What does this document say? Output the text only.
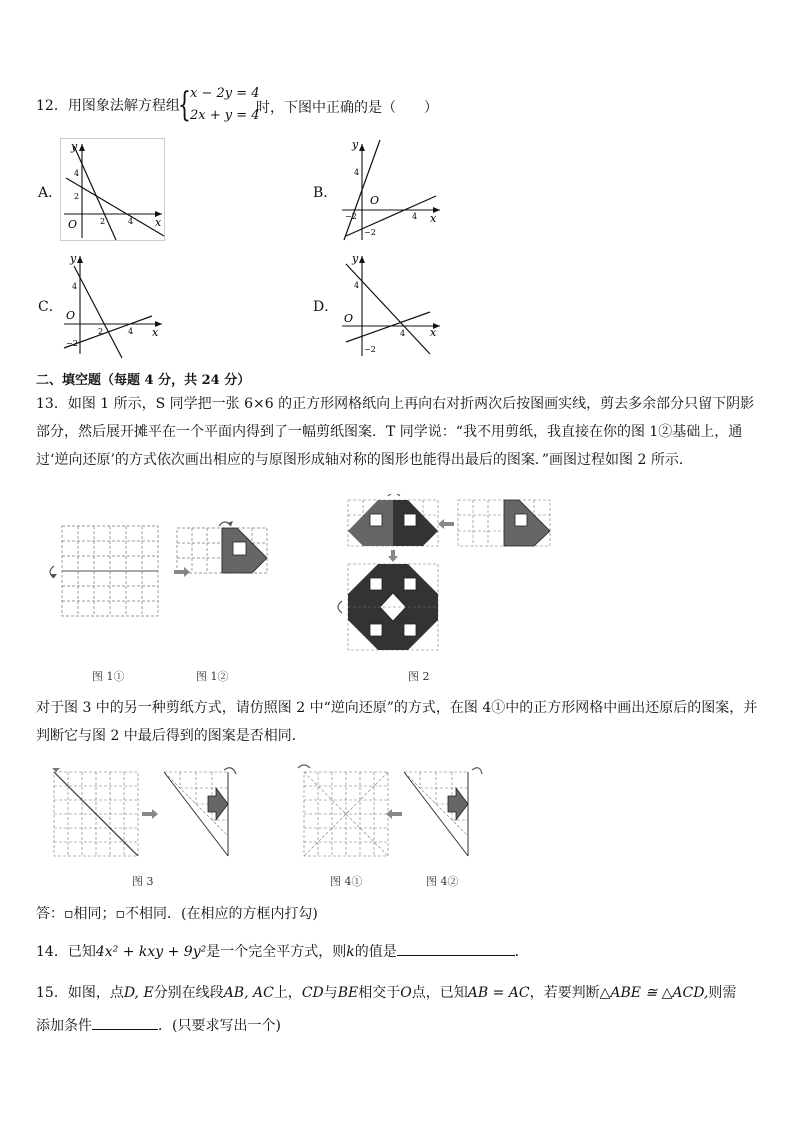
12．用图象法解方程组
{ x − 2y = 4
2x + y = 4
时，下图中正确的是（　　）
A．	B．
C．	D．
y
x
O
4
2
2	4
y
x
O
4
−2	4
−2
y
x
O
4
2	4
−2
y
x
O
4
4
−2
二、填空题（每题 4 分，共 24 分）
13．如图 1 所示，S 同学把一张 6×6 的正方形网格纸向上再向右对折两次后按图画实线，剪去多余部分只留下阴影部分，然后展开摊平在一个平面内得到了一幅剪纸图案．T 同学说：“我不用剪纸，我直接在你的图 1②基础上，通过‘逆向还原’的方式依次画出相应的与原图形成轴对称的图形也能得出最后的图案．”画图过程如图 2 所示．
图 1①	图 1②	图 2
对于图 3 中的另一种剪纸方式，请仿照图 2 中“逆向还原”的方式，在图 4①中的正方形网格中画出还原后的图案，并判断它与图 2 中最后得到的图案是否相同．
图 3	图 4①	图 4②
答：▫相同；▫不相同．(在相应的方框内打勾)
14．已知4x² + kxy + 9y²是一个完全平方式，则k的值是	．
15．如图，点D, E分别在线段AB, AC上，CD与BE相交于O点，已知AB = AC，若要判断△ABE ≅ △ACD,则需
添加条件	．(只要求写出一个)
